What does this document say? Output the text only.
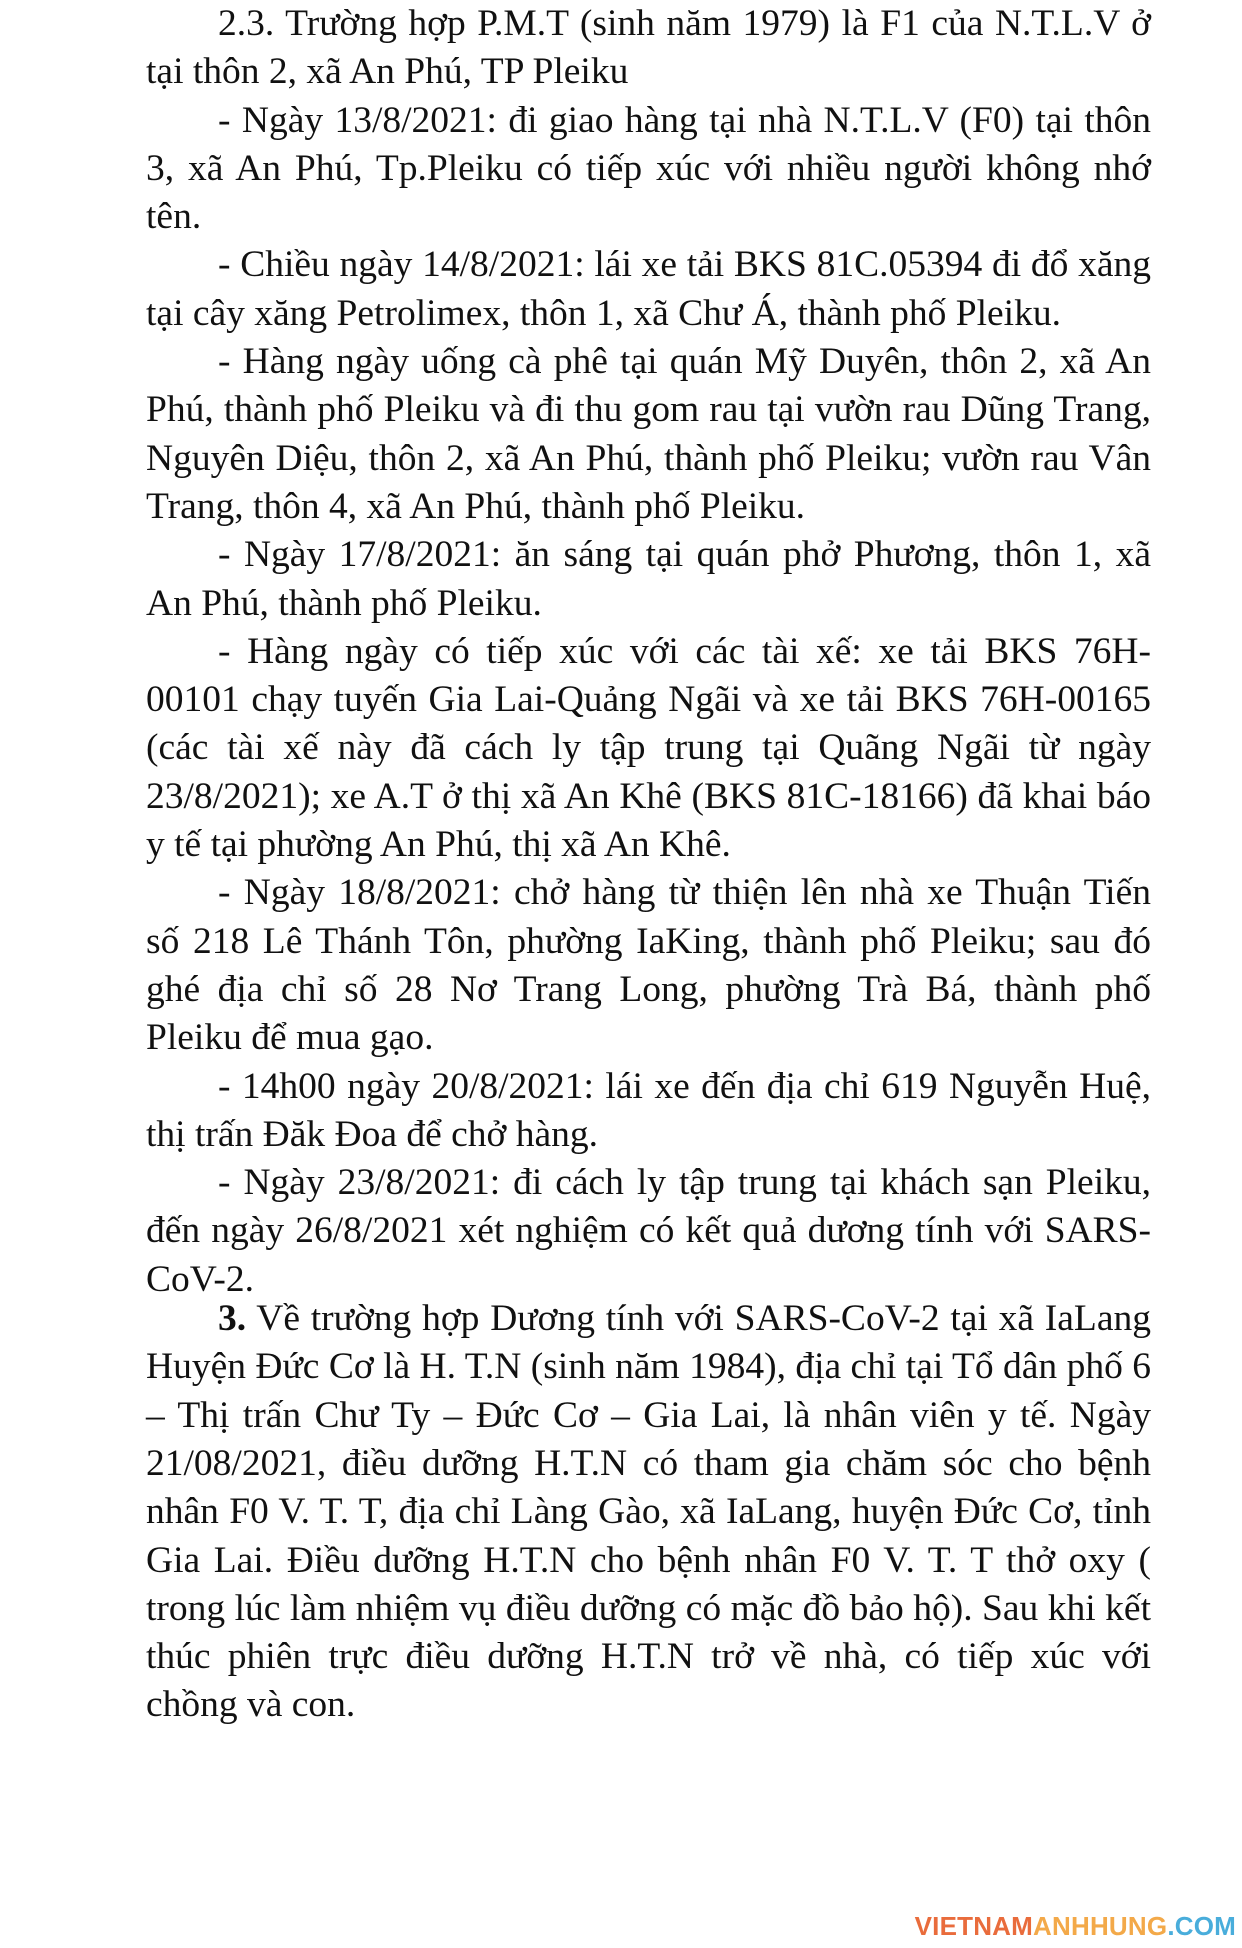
2.3. Trường hợp P.M.T (sinh năm 1979) là F1 của N.T.L.V ở tại thôn 2, xã An Phú, TP Pleiku

- Ngày 13/8/2021: đi giao hàng tại nhà N.T.L.V (F0) tại thôn 3, xã An Phú, Tp.Pleiku có tiếp xúc với nhiều người không nhớ tên.

- Chiều ngày 14/8/2021: lái xe tải BKS 81C.05394 đi đổ xăng tại cây xăng Petrolimex, thôn 1, xã Chư Á, thành phố Pleiku.

- Hàng ngày uống cà phê tại quán Mỹ Duyên, thôn 2, xã An Phú, thành phố Pleiku và đi thu gom rau tại vườn rau Dũng Trang, Nguyên Diệu, thôn 2, xã An Phú, thành phố Pleiku; vườn rau Vân Trang, thôn 4, xã An Phú, thành phố Pleiku.

- Ngày 17/8/2021: ăn sáng tại quán phở Phương, thôn 1, xã An Phú, thành phố Pleiku.

- Hàng ngày có tiếp xúc với các tài xế: xe tải BKS 76H-00101 chạy tuyến Gia Lai-Quảng Ngãi và xe tải BKS 76H-00165 (các tài xế này đã cách ly tập trung tại Quãng Ngãi từ ngày 23/8/2021); xe A.T ở thị xã An Khê (BKS 81C-18166) đã khai báo y tế tại phường An Phú, thị xã An Khê.

- Ngày 18/8/2021: chở hàng từ thiện lên nhà xe Thuận Tiến số 218 Lê Thánh Tôn, phường IaKing, thành phố Pleiku; sau đó ghé địa chỉ số 28 Nơ Trang Long, phường Trà Bá, thành phố Pleiku để mua gạo.

- 14h00 ngày 20/8/2021: lái xe đến địa chỉ 619 Nguyễn Huệ, thị trấn Đăk Đoa để chở hàng.

- Ngày 23/8/2021: đi cách ly tập trung tại khách sạn Pleiku, đến ngày 26/8/2021 xét nghiệm có kết quả dương tính với SARS-CoV-2.

3. Về trường hợp Dương tính với SARS-CoV-2 tại xã IaLang Huyện Đức Cơ là H. T.N (sinh năm 1984), địa chỉ tại Tổ dân phố 6 – Thị trấn Chư Ty – Đức Cơ – Gia Lai, là nhân viên y tế. Ngày 21/08/2021, điều dưỡng H.T.N có tham gia chăm sóc cho bệnh nhân F0 V. T. T, địa chỉ Làng Gào, xã IaLang, huyện Đức Cơ, tỉnh Gia Lai. Điều dưỡng H.T.N cho bệnh nhân F0 V. T. T thở oxy ( trong lúc làm nhiệm vụ điều dưỡng có mặc đồ bảo hộ). Sau khi kết thúc phiên trực điều dưỡng H.T.N trở về nhà, có tiếp xúc với chồng và con.

VIETNAMANHHUNG.COM
